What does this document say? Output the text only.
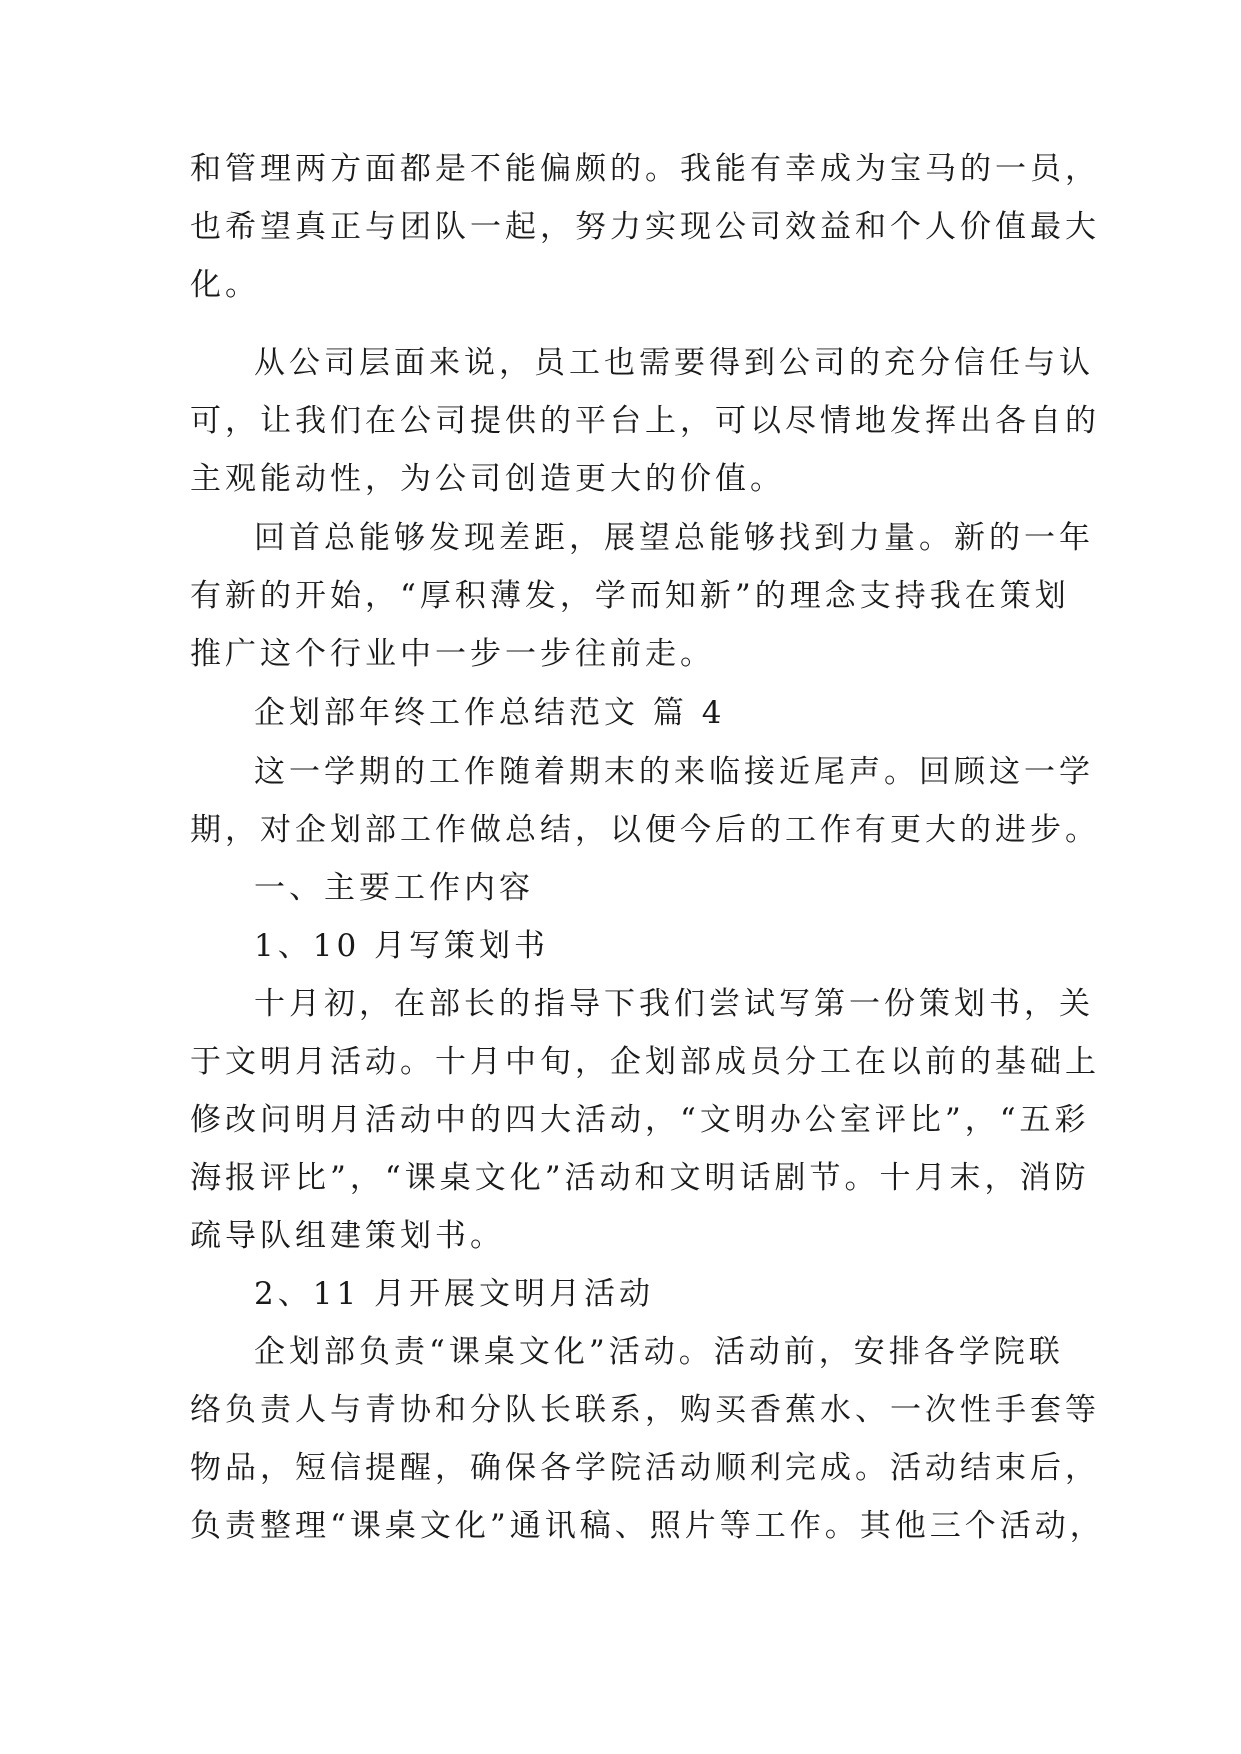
和管理两方面都是不能偏颇的。我能有幸成为宝马的一员，

也希望真正与团队一起，努力实现公司效益和个人价值最大

化。

从公司层面来说，员工也需要得到公司的充分信任与认

可，让我们在公司提供的平台上，可以尽情地发挥出各自的

主观能动性，为公司创造更大的价值。

回首总能够发现差距，展望总能够找到力量。新的一年

有新的开始，“厚积薄发，学而知新”的理念支持我在策划

推广这个行业中一步一步往前走。

企划部年终工作总结范文 篇 4

这一学期的工作随着期末的来临接近尾声。回顾这一学

期，对企划部工作做总结，以便今后的工作有更大的进步。

一、主要工作内容

1、10 月写策划书

十月初，在部长的指导下我们尝试写第一份策划书，关

于文明月活动。十月中旬，企划部成员分工在以前的基础上

修改问明月活动中的四大活动，“文明办公室评比”，“五彩

海报评比”，“课桌文化”活动和文明话剧节。十月末，消防

疏导队组建策划书。

2、11 月开展文明月活动

企划部负责“课桌文化”活动。活动前，安排各学院联

络负责人与青协和分队长联系，购买香蕉水、一次性手套等

物品，短信提醒，确保各学院活动顺利完成。活动结束后，

负责整理“课桌文化”通讯稿、照片等工作。其他三个活动，
